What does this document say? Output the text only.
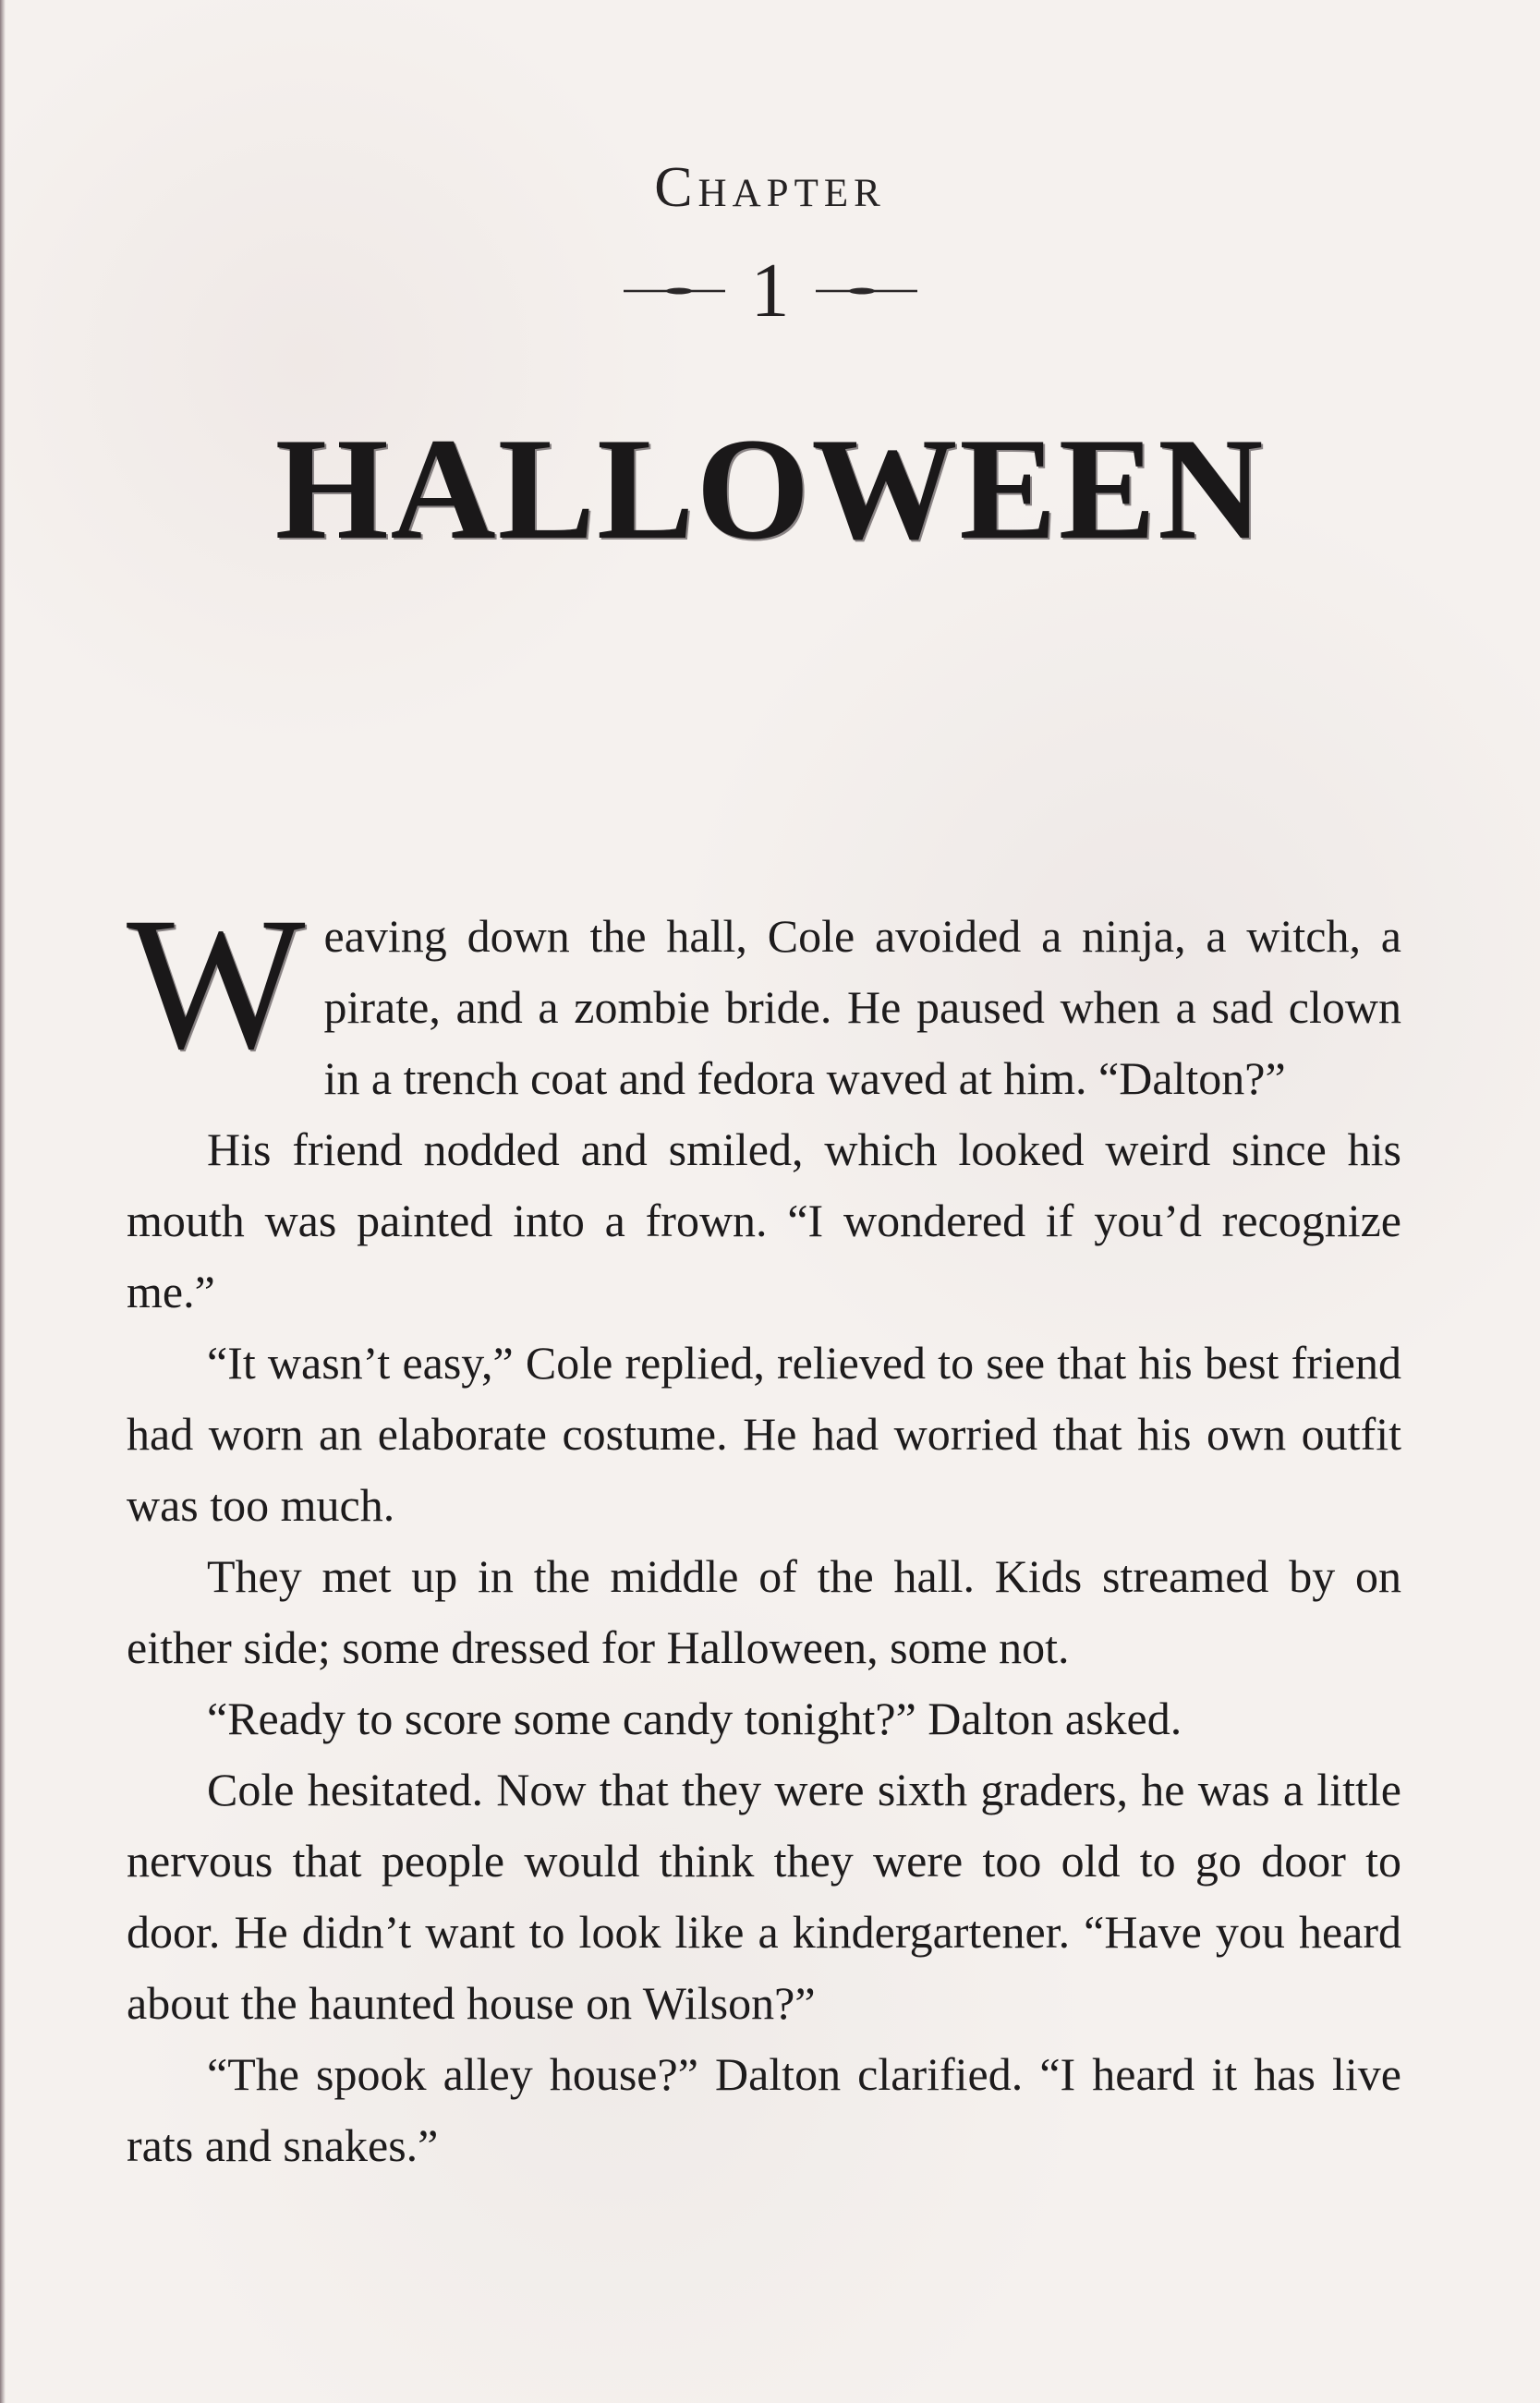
Chapter
1
HALLOWEEN

Weaving down the hall, Cole avoided a ninja, a witch, a pirate, and a zombie bride. He paused when a sad clown in a trench coat and fedora waved at him. “Dalton?”

His friend nodded and smiled, which looked weird since his mouth was painted into a frown. “I wondered if you’d recognize me.”

“It wasn’t easy,” Cole replied, relieved to see that his best friend had worn an elaborate costume. He had worried that his own outfit was too much.

They met up in the middle of the hall. Kids streamed by on either side; some dressed for Halloween, some not.

“Ready to score some candy tonight?” Dalton asked.

Cole hesitated. Now that they were sixth graders, he was a little nervous that people would think they were too old to go door to door. He didn’t want to look like a kindergartener. “Have you heard about the haunted house on Wilson?”

“The spook alley house?” Dalton clarified. “I heard it has live rats and snakes.”
